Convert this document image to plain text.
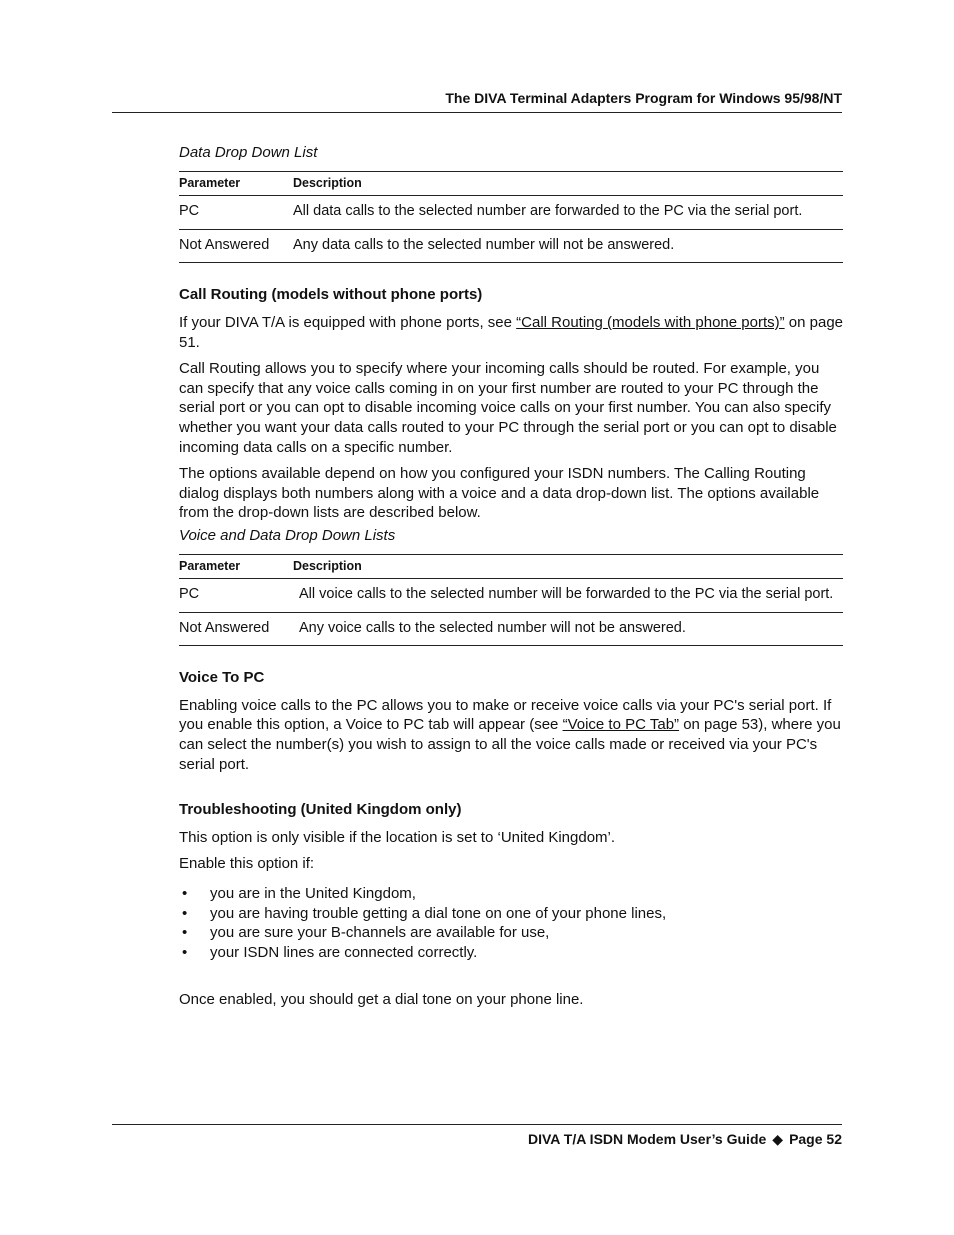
The DIVA Terminal Adapters Program for Windows 95/98/NT

Data Drop Down List

Parameter	Description
PC	All data calls to the selected number are forwarded to the PC via the serial port.
Not Answered	Any data calls to the selected number will not be answered.
Call Routing (models without phone ports)

If your DIVA T/A is equipped with phone ports, see “Call Routing (models with phone ports)” on page 51.

Call Routing allows you to specify where your incoming calls should be routed. For example, you can specify that any voice calls coming in on your first number are routed to your PC through the serial port or you can opt to disable incoming voice calls on your first number. You can also specify whether you want your data calls routed to your PC through the serial port or you can opt to disable incoming data calls on a specific number.

The options available depend on how you configured your ISDN numbers. The Calling Routing dialog displays both numbers along with a voice and a data drop-down list. The options available from the drop-down lists are described below.

Voice and Data Drop Down Lists

Parameter	Description
PC	All voice calls to the selected number will be forwarded to the PC via the serial port.
Not Answered	Any voice calls to the selected number will not be answered.
Voice To PC

Enabling voice calls to the PC allows you to make or receive voice calls via your PC's serial port. If you enable this option, a Voice to PC tab will appear (see “Voice to PC Tab” on page 53), where you can select the number(s) you wish to assign to all the voice calls made or received via your PC's serial port.

Troubleshooting (United Kingdom only)

This option is only visible if the location is set to ‘United Kingdom’.

Enable this option if:

• you are in the United Kingdom,
• you are having trouble getting a dial tone on one of your phone lines,
• you are sure your B-channels are available for use,
• your ISDN lines are connected correctly.

Once enabled, you should get a dial tone on your phone line.

DIVA T/A ISDN Modem User’s Guide ◆ Page 52
